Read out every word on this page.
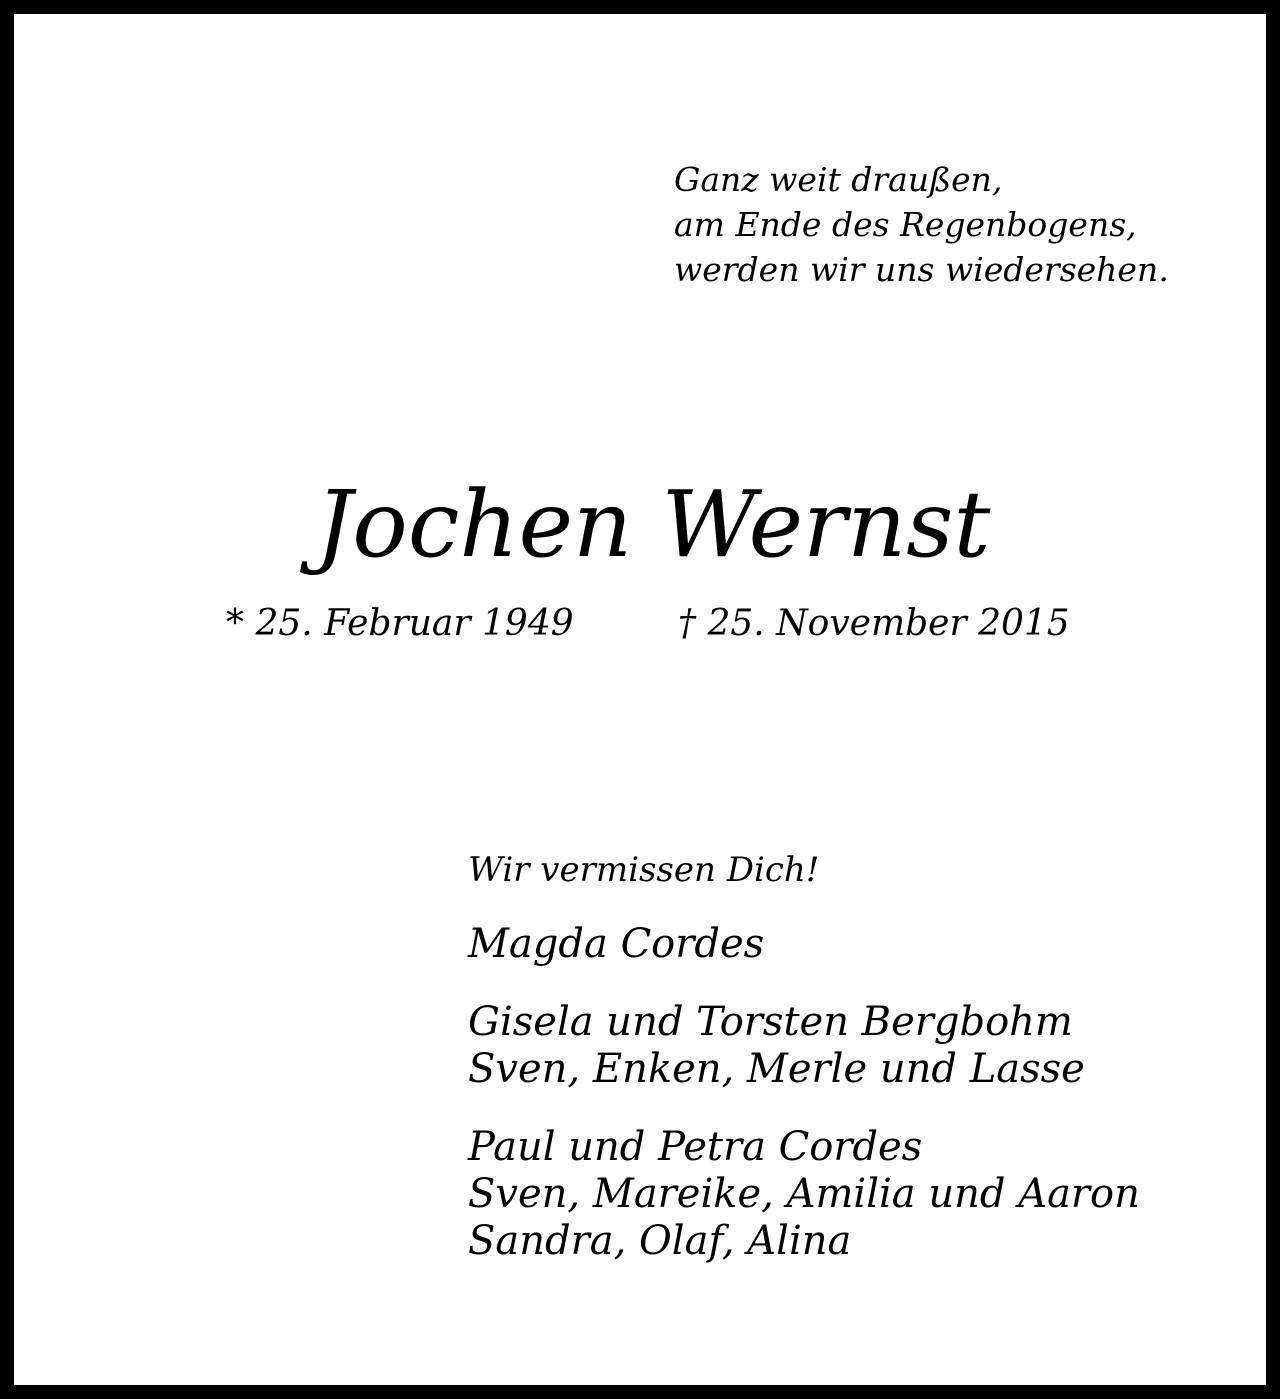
Ganz weit draußen,
am Ende des Regenbogens,
werden wir uns wiedersehen.
Jochen Wernst
* 25. Februar 1949	† 25. November 2015
Wir vermissen Dich!
Magda Cordes
Gisela und Torsten Bergbohm
Sven, Enken, Merle und Lasse
Paul und Petra Cordes
Sven, Mareike, Amilia und Aaron
Sandra, Olaf, Alina
